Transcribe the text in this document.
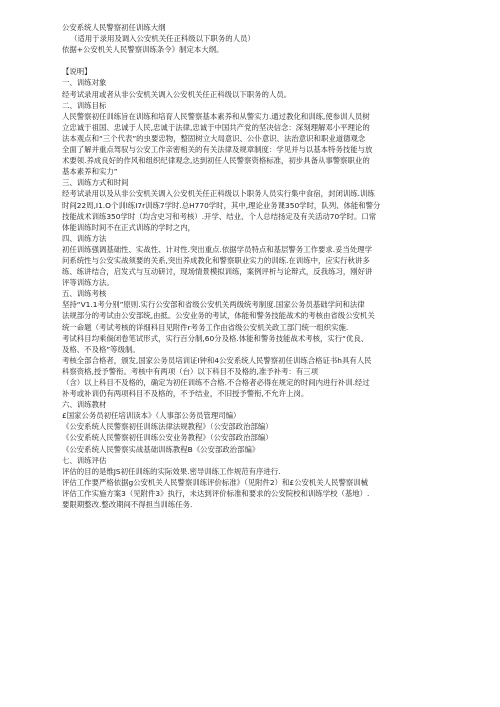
公安系统人民警察初任训练大纲
（适用于录用及调入公安机关任正科级以下职务的人员）
依据+公安机关人民警察训练条令》制定本大纲。
【说明】
一、训练对象
经考试录用或者从非公安机关调入公安机关任正科级以下职务的人员。
二、训练目标
人民警察初任训练旨在训练和培育人民警察基本素养和从警实力.通过教化和训练,使参训人员树
立忠诚于祖国、忠诚于人民,忠诚于法律,忠诚于中国共产党的坚决信念：深刻理解邓小平理论的
法本观点和“三个代表”的虫要忠物，整固树立大局意识、公仆意识、法治意识和职业道德观念
全面了解并重点驾驭与公安工作亲密相关的有关法律及规章制度：学见并与以基本特务技能与放
术要领.养成良好的作风和组织纪律观念,达到初任人民警察资格标准，初步具备从事警察职业的
基本素养和实力”
三、训练方式和时间
经考试录用以及从非公安机关调入公安机关任正科级以卜职务人员实行集中食宿，封闭训练.训练
时间22周,I1.O个训l练I7r训练7学时.总H770学时，其中,理论业务课350学时，队列、体能和警分
技能战术训练350学时（均含史习和考核）.开学、结业、个人总结扬定及有关活动70学时。口常
体能训练时间不在正式训练的学时之内，
四、训练方法
初任训练强调基础性、实战性、计对性.突出重点.依据学员特点和基层警务工作要求.妥当处理学
问系统性与公安实战须要的关系,突出养成教化和警察职业实力的训练.在训练中，应实行秋讲多
练、练讲结合，启发式与互动研讨，现场情景模拟训练，案例评析与论辩式，反我练习，刚好讲
评等训练方法。
五、训练考核
坚持“V1.1考分别”原则.实行公安部和省级公安机关两级统考制度.国家公务员基础学问和法律
法规部分的考试由公安部统,由抵。公安业务的考试，体能和警务技能战术的考核由省级公安机关
统一命题（考试考核的详细科目见附件r考务工作由省级公安机关政工部门统一组织实施.
考试科目均乘倘闭卷笔试形式，实行百分制,60分及格.体能和警务技能战术考核，实行“优良、
及格、不及格”等级制。
考核全部合格者，颁发,国家公务员培训证I钟和4公安系统人民警察初任训练合格证书h具有人民
科察资格,授予警衔。考核中有两项（台）以下科目不及格的,准予补考：有三项
（含）以上科目不及格的，确定为初任训练不合格.不合格者必得在规定的时间内进行补训.经过
补考或补训仍有两项科目不及格的，不予结业，不旧授予警衔,不允许上岗。
六、训练教材
£国家公务员初任培训读本》（人事部公务员管理司编）
《公安系统人民警察初任训练法律法规教程》（公安部政治部编）
《公安系统人民警察初任训练公安业务教程》（公安部政治部编）
《公安系统人民警察实战基础训练教程B《公安部政治部编》
七、训练评估
评估的目的是维JS初任训练的实际效果.密导训练工作规范有序进行.
评估工作要严格依据g公安机关人民警察训练评价标准》（见附件2）和£公安机关人民警察训械
评估工作实施方案3（见附件3》执行，未达到评价标准和要求的公安院校和训练学校（基地）.
要限期整改.整改期间不得担当训练任务.
